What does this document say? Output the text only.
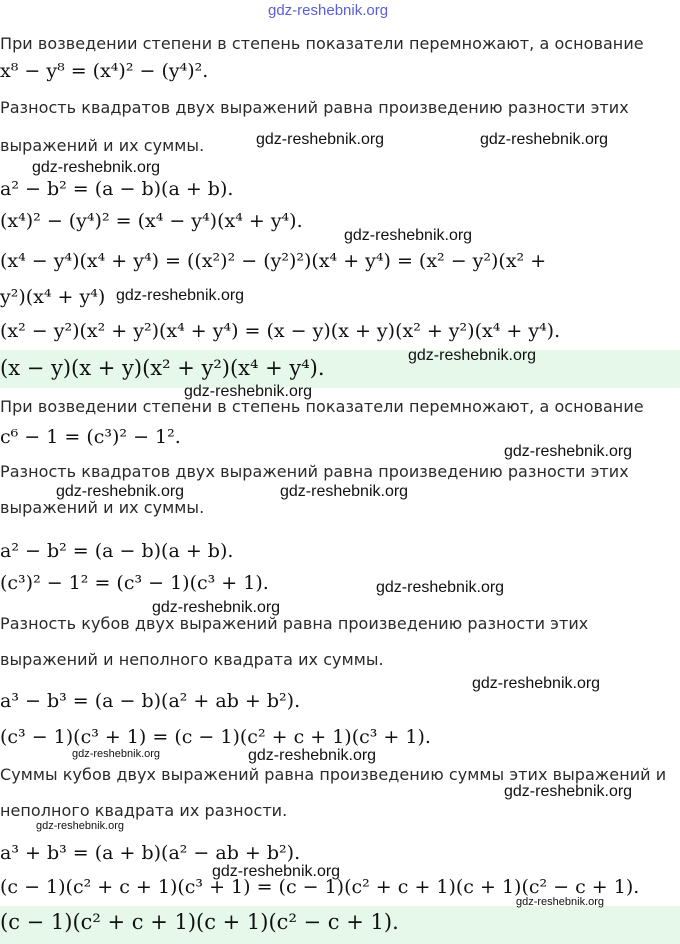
При возведении степени в степень показатели перемножают, а основание
x⁸ − y⁸ = (x⁴)² − (y⁴)².
Разность квадратов двух выражений равна произведению разности этих
выражений и их суммы.
a² − b² = (a − b)(a + b).
(x⁴)² − (y⁴)² = (x⁴ − y⁴)(x⁴ + y⁴).
(x⁴ − y⁴)(x⁴ + y⁴) = ((x²)² − (y²)²)(x⁴ + y⁴) = (x² − y²)(x² +
y²)(x⁴ + y⁴)
(x² − y²)(x² + y²)(x⁴ + y⁴) = (x − y)(x + y)(x² + y²)(x⁴ + y⁴).
(x − y)(x + y)(x² + y²)(x⁴ + y⁴).
При возведении степени в степень показатели перемножают, а основание
c⁶ − 1 = (c³)² − 1².
Разность квадратов двух выражений равна произведению разности этих
выражений и их суммы.
a² − b² = (a − b)(a + b).
(c³)² − 1² = (c³ − 1)(c³ + 1).
Разность кубов двух выражений равна произведению разности этих
выражений и неполного квадрата их суммы.
a³ − b³ = (a − b)(a² + ab + b²).
(c³ − 1)(c³ + 1) = (c − 1)(c² + c + 1)(c³ + 1).
Суммы кубов двух выражений равна произведению суммы этих выражений и
неполного квадрата их разности.
a³ + b³ = (a + b)(a² − ab + b²).
(c − 1)(c² + c + 1)(c³ + 1) = (c − 1)(c² + c + 1)(c + 1)(c² − c + 1).
(c − 1)(c² + c + 1)(c + 1)(c² − c + 1).
gdz-reshebnik.org
gdz-reshebnik.org	gdz-reshebnik.org
gdz-reshebnik.org
gdz-reshebnik.org
gdz-reshebnik.org
gdz-reshebnik.org
gdz-reshebnik.org
gdz-reshebnik.org
gdz-reshebnik.org	gdz-reshebnik.org
gdz-reshebnik.org
gdz-reshebnik.org
gdz-reshebnik.org
gdz-reshebnik.org	gdz-reshebnik.org
gdz-reshebnik.org
gdz-reshebnik.org
gdz-reshebnik.org
gdz-reshebnik.org
